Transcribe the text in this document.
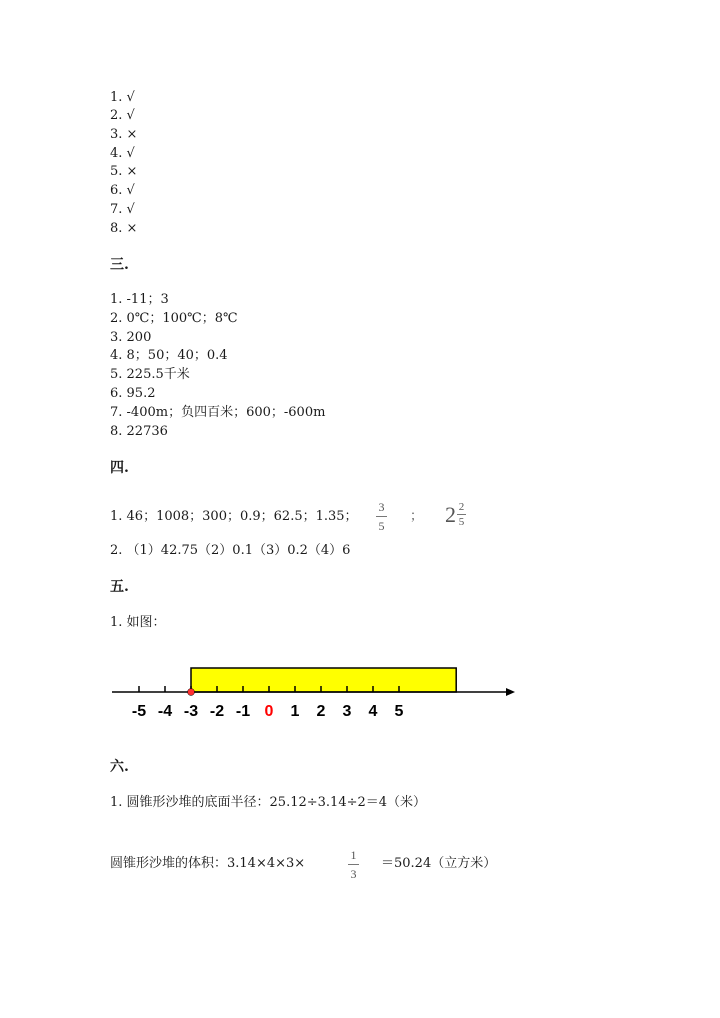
1. √
2. √
3. ×
4. √
5. ×
6. √
7. √
8. ×
三.
1. -11；3
2. 0℃；100℃；8℃
3. 200
4. 8；50；40；0.4
5. 225.5千米
6. 95.2
7. -400m；负四百米；600；-600m
8. 22736
四.
1. 46；1008；300；0.9；62.5；1.35；
3
5
； $2 \frac{2}{5}$
2. （1）42.75（2）0.1（3）0.2（4）6
五.
1. 如图：
-5 -4 -3 -2 -1 0 1 2 3 4 5
六.
1. 圆锥形沙堆的底面半径：25.12÷3.14÷2＝4（米）
圆锥形沙堆的体积：3.14×4×3×
1
3
＝50.24（立方米）
